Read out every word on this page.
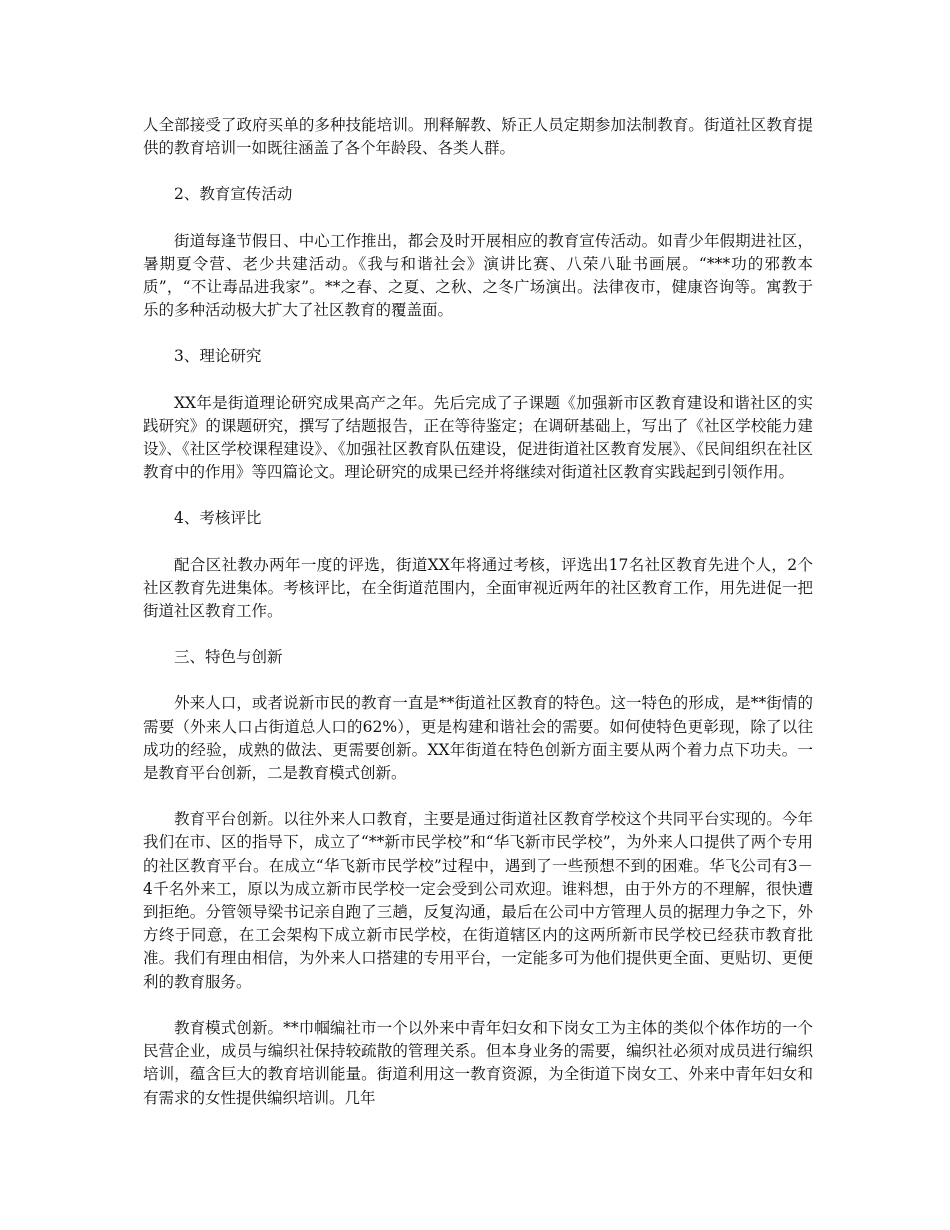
人全部接受了政府买单的多种技能培训。刑释解教、矫正人员定期参加法制教育。街道社区教育提供的教育培训一如既往涵盖了各个年龄段、各类人群。

2、教育宣传活动

街道每逢节假日、中心工作推出，都会及时开展相应的教育宣传活动。如青少年假期进社区，暑期夏令营、老少共建活动。《我与和谐社会》演讲比赛、八荣八耻书画展。“***功的邪教本质”，“不让毒品进我家”。**之春、之夏、之秋、之冬广场演出。法律夜市，健康咨询等。寓教于乐的多种活动极大扩大了社区教育的覆盖面。

3、理论研究

XX年是街道理论研究成果高产之年。先后完成了子课题《加强新市区教育建设和谐社区的实践研究》的课题研究，撰写了结题报告，正在等待鉴定；在调研基础上，写出了《社区学校能力建设》、《社区学校课程建设》、《加强社区教育队伍建设，促进街道社区教育发展》、《民间组织在社区教育中的作用》等四篇论文。理论研究的成果已经并将继续对街道社区教育实践起到引领作用。

4、考核评比

配合区社教办两年一度的评选，街道XX年将通过考核，评选出17名社区教育先进个人，2个社区教育先进集体。考核评比，在全街道范围内，全面审视近两年的社区教育工作，用先进促一把街道社区教育工作。

三、特色与创新

外来人口，或者说新市民的教育一直是**街道社区教育的特色。这一特色的形成，是**街情的需要（外来人口占街道总人口的62%），更是构建和谐社会的需要。如何使特色更彰现，除了以往成功的经验，成熟的做法、更需要创新。XX年街道在特色创新方面主要从两个着力点下功夫。一是教育平台创新，二是教育模式创新。

教育平台创新。以往外来人口教育，主要是通过街道社区教育学校这个共同平台实现的。今年我们在市、区的指导下，成立了“**新市民学校”和“华飞新市民学校”，为外来人口提供了两个专用的社区教育平台。在成立“华飞新市民学校”过程中，遇到了一些预想不到的困难。华飞公司有3－4千名外来工，原以为成立新市民学校一定会受到公司欢迎。谁料想，由于外方的不理解，很快遭到拒绝。分管领导梁书记亲自跑了三趟，反复沟通，最后在公司中方管理人员的据理力争之下，外方终于同意，在工会架构下成立新市民学校，在街道辖区内的这两所新市民学校已经获市教育批准。我们有理由相信，为外来人口搭建的专用平台，一定能多可为他们提供更全面、更贴切、更便利的教育服务。

教育模式创新。**巾帼编社市一个以外来中青年妇女和下岗女工为主体的类似个体作坊的一个民营企业，成员与编织社保持较疏散的管理关系。但本身业务的需要，编织社必须对成员进行编织培训，蕴含巨大的教育培训能量。街道利用这一教育资源，为全街道下岗女工、外来中青年妇女和有需求的女性提供编织培训。几年
